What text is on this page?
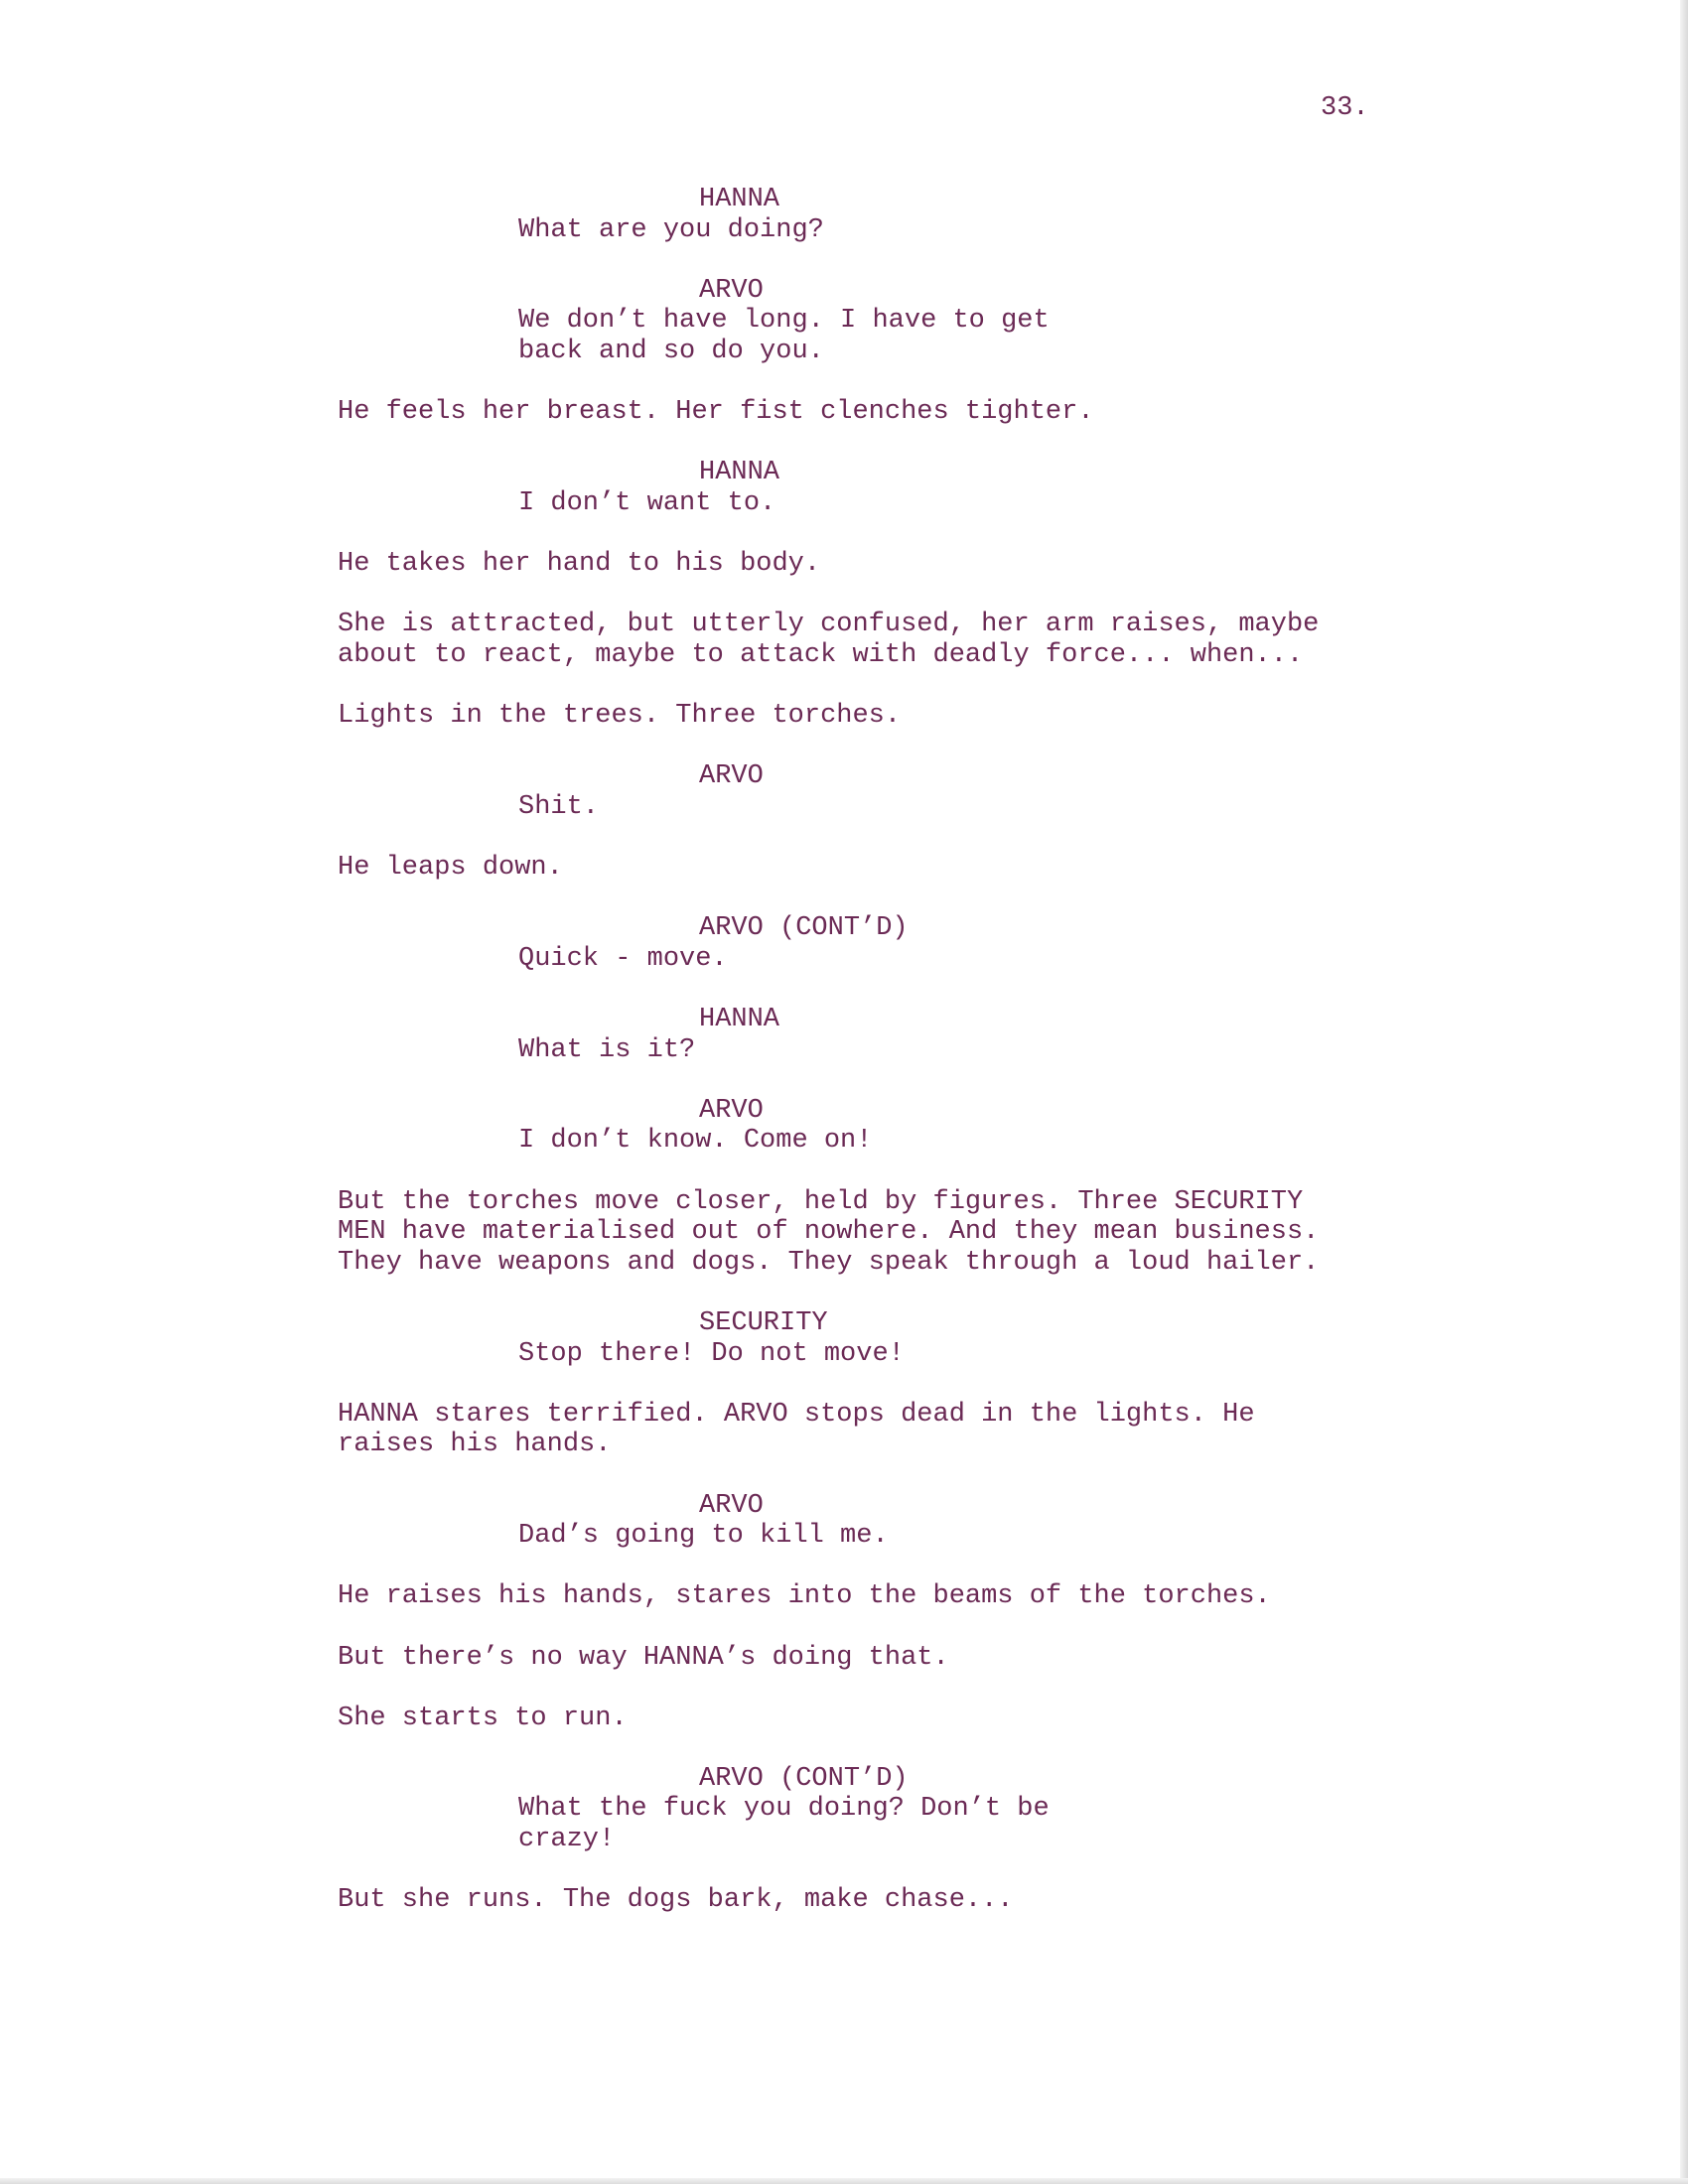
33.
HANNA
What are you doing?
ARVO
We don’t have long. I have to get
back and so do you.
He feels her breast. Her fist clenches tighter.
HANNA
I don’t want to.
He takes her hand to his body.
She is attracted, but utterly confused, her arm raises, maybe
about to react, maybe to attack with deadly force... when...
Lights in the trees. Three torches.
ARVO
Shit.
He leaps down.
ARVO (CONT’D)
Quick - move.
HANNA
What is it?
ARVO
I don’t know. Come on!
But the torches move closer, held by figures. Three SECURITY
MEN have materialised out of nowhere. And they mean business.
They have weapons and dogs. They speak through a loud hailer.
SECURITY
Stop there! Do not move!
HANNA stares terrified. ARVO stops dead in the lights. He
raises his hands.
ARVO
Dad’s going to kill me.
He raises his hands, stares into the beams of the torches.
But there’s no way HANNA’s doing that.
She starts to run.
ARVO (CONT’D)
What the fuck you doing? Don’t be
crazy!
But she runs. The dogs bark, make chase...
